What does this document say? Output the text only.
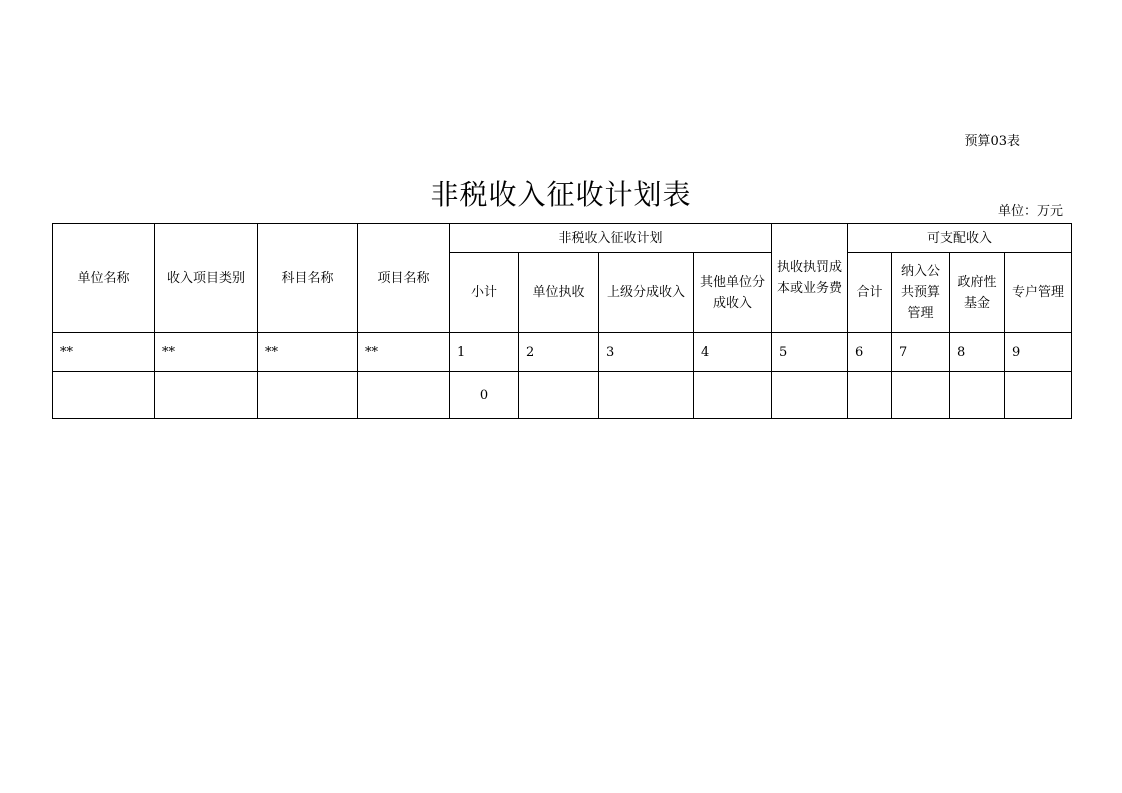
预算03表
非税收入征收计划表
单位：万元
单位名称	收入项目类别	科目名称	项目名称	非税收入征收计划				执收执罚成本或业务费	可支配收入			
				小计	单位执收	上级分成收入	其他单位分成收入		合计	纳入公共预算管理	政府性基金	专户管理
**	**	**	**	1	2	3	4	5	6	7	8	9
				0								
